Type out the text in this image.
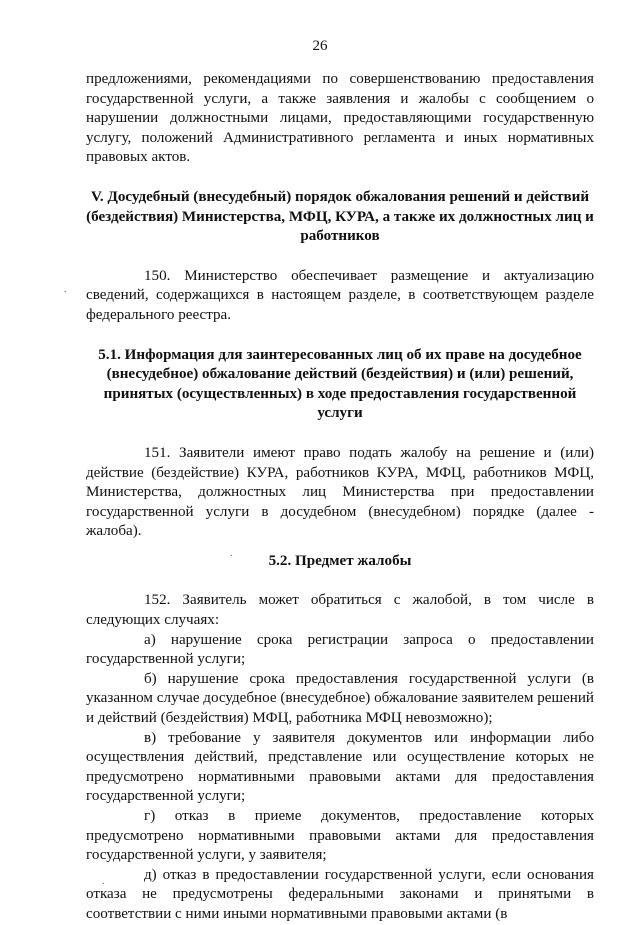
26
.
.
.

предложениями, рекомендациями по совершенствованию предоставления государственной услуги, а также заявления и жалобы с сообщением о нарушении должностными лицами, предоставляющими государственную услугу, положений Административного регламента и иных нормативных правовых актов.

V. Досудебный (внесудебный) порядок обжалования решений и действий (бездействия) Министерства, МФЦ, КУРА, а также их должностных лиц и работников

150. Министерство обеспечивает размещение и актуализацию сведений, содержащихся в настоящем разделе, в соответствующем разделе федерального реестра.

5.1. Информация для заинтересованных лиц об их праве на досудебное (внесудебное) обжалование действий (бездействия) и (или) решений, принятых (осуществленных) в ходе предоставления государственной услуги

151. Заявители имеют право подать жалобу на решение и (или) действие (бездействие) КУРА, работников КУРА, МФЦ, работников МФЦ, Министерства, должностных лиц Министерства при предоставлении государственной услуги в досудебном (внесудебном) порядке (далее - жалоба).

5.2. Предмет жалобы

152. Заявитель может обратиться с жалобой, в том числе в следующих случаях:

а) нарушение срока регистрации запроса о предоставлении государственной услуги;

б) нарушение срока предоставления государственной услуги (в указанном случае досудебное (внесудебное) обжалование заявителем решений и действий (бездействия) МФЦ, работника МФЦ невозможно);

в) требование у заявителя документов или информации либо осуществления действий, представление или осуществление которых не предусмотрено нормативными правовыми актами для предоставления государственной услуги;

г) отказ в приеме документов, предоставление которых предусмотрено нормативными правовыми актами для предоставления государственной услуги, у заявителя;

д) отказ в предоставлении государственной услуги, если основания отказа не предусмотрены федеральными законами и принятыми в соответствии с ними иными нормативными правовыми актами (в
